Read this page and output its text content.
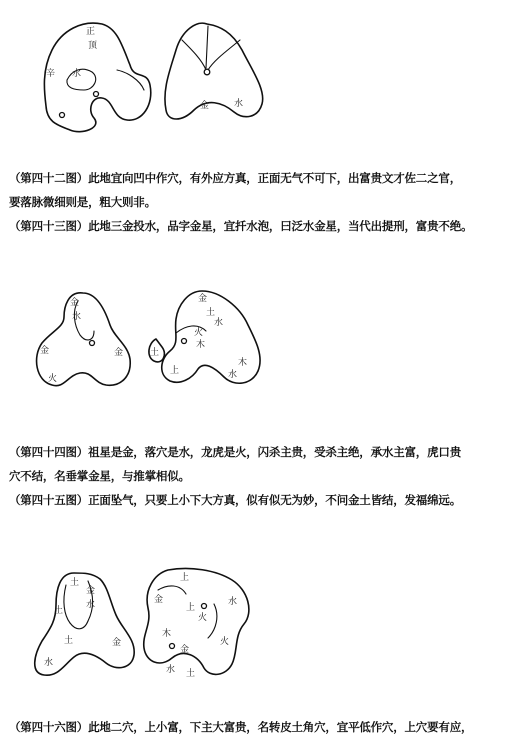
正
顶
辛 水
金	水
（第四十二图）此地宜向凹中作穴，有外应方真，正面无气不可下，出富贵文才佐二之官，
要落脉微细则是，粗大则非。
（第四十三图）此地三金投水，品字金星，宜扦水泡，曰泛水金星，当代出提刑，富贵不绝。
金
水
金	金
火
金
土
水
火
木
土
上	水
木
（第四十四图）祖星是金，落穴是水，龙虎是火，闪杀主贵，受杀主绝，承水主富，虎口贵
穴不结，名垂掌金星，与推掌相似。
（第四十五图）正面坠气，只要上小下大方真，似有似无为妙，不问金土皆结，发福绵远。
土
金
水
土
土	金
水
上
金
上
火
水
木
金
火
水 土
（第四十六图）此地二穴，上小富，下主大富贵，名转皮土角穴，宜平低作穴，上穴要有应，
